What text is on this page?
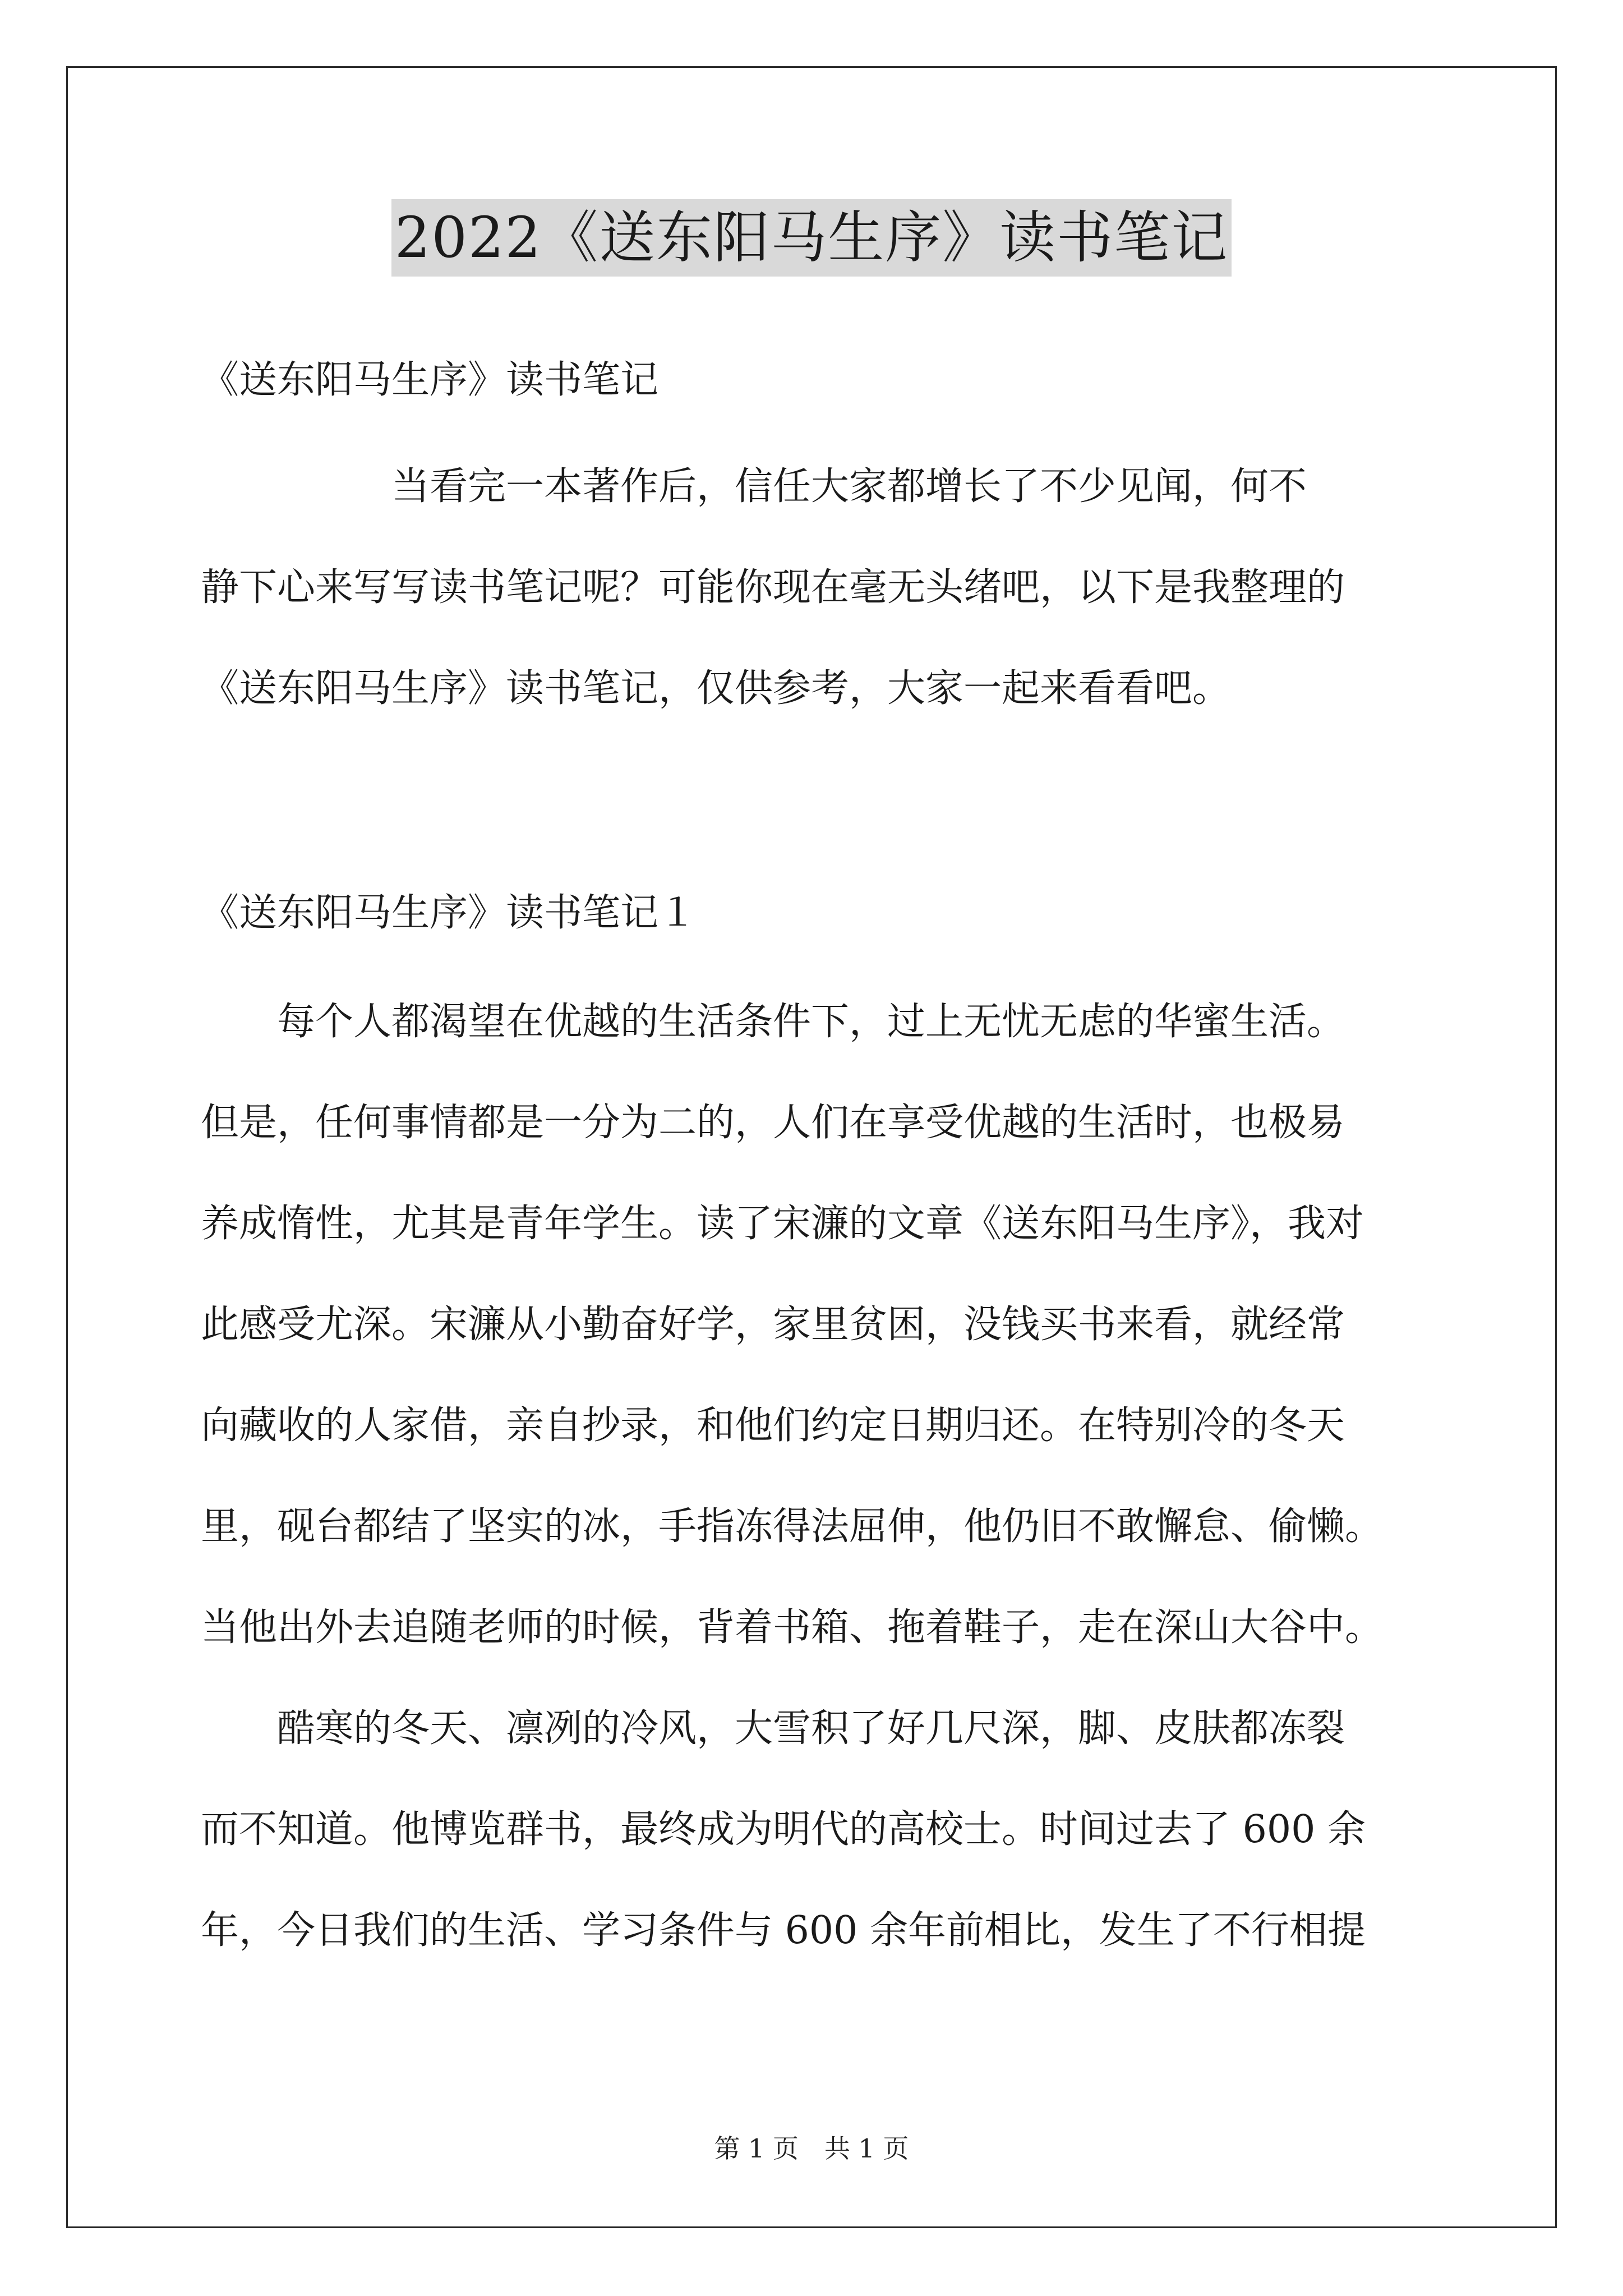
2022《送东阳马生序》读书笔记
《送东阳马生序》读书笔记
　　　　　当看完一本著作后，信任大家都增长了不少见闻，何不
静下心来写写读书笔记呢？可能你现在毫无头绪吧，以下是我整理的
《送东阳马生序》读书笔记，仅供参考，大家一起来看看吧。
《送东阳马生序》读书笔记１
　　每个人都渴望在优越的生活条件下，过上无忧无虑的华蜜生活。
但是，任何事情都是一分为二的，人们在享受优越的生活时，也极易
养成惰性，尤其是青年学生。读了宋濂的文章《送东阳马生序》，我对
此感受尤深。宋濂从小勤奋好学，家里贫困，没钱买书来看，就经常
向藏收的人家借，亲自抄录，和他们约定日期归还。在特别冷的冬天
里，砚台都结了坚实的冰，手指冻得法屈伸，他仍旧不敢懈怠、偷懒。
当他出外去追随老师的时候，背着书箱、拖着鞋子，走在深山大谷中。
　　酷寒的冬天、凛冽的冷风，大雪积了好几尺深，脚、皮肤都冻裂
而不知道。他博览群书，最终成为明代的高校士。时间过去了 600 余
年，今日我们的生活、学习条件与 600 余年前相比，发生了不行相提
第 1 页　共 1 页
